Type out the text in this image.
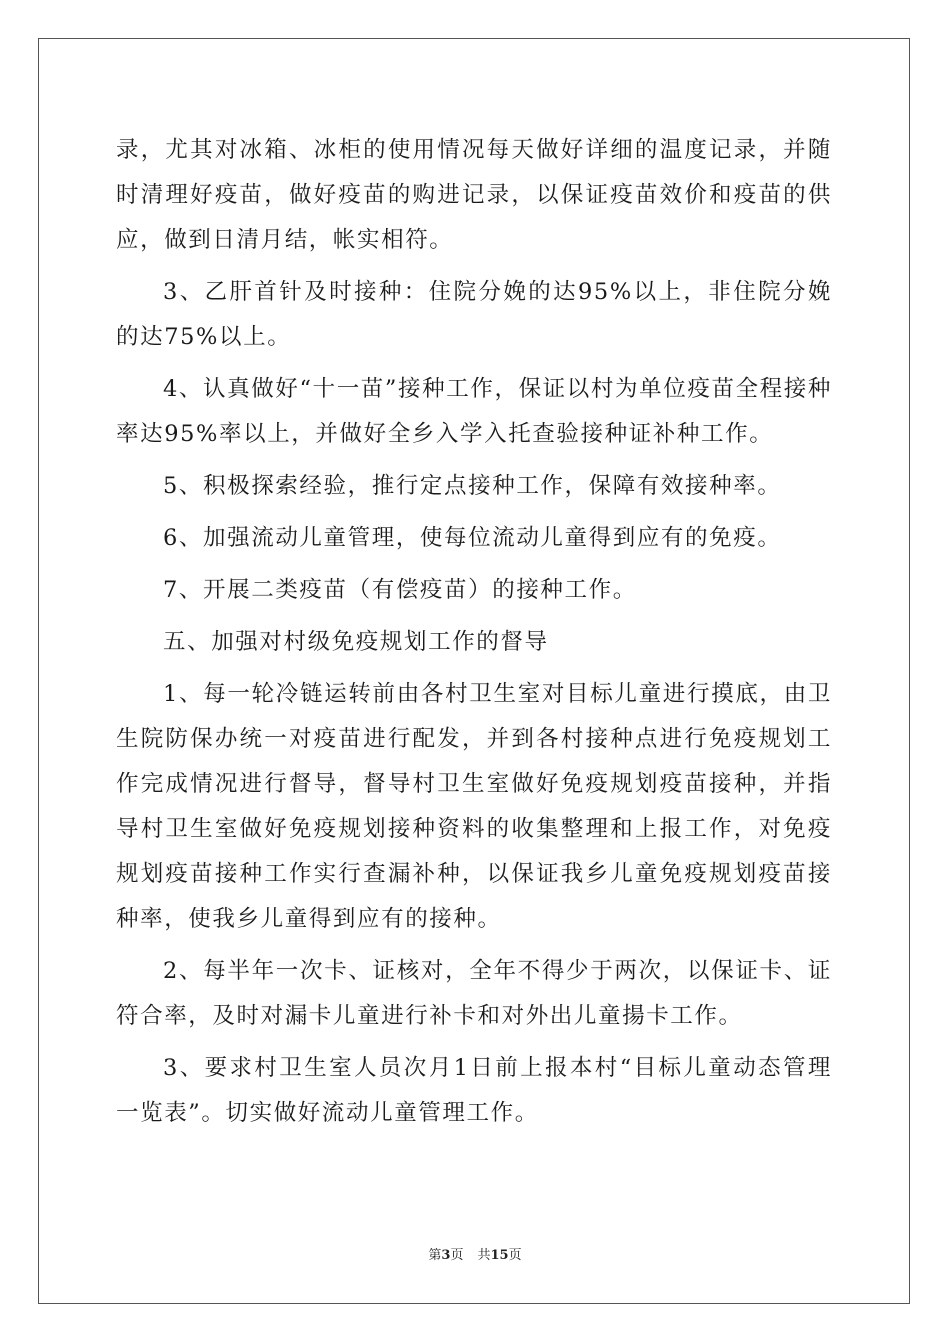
录，尤其对冰箱、冰柜的使用情况每天做好详细的温度记录，并随时清理好疫苗，做好疫苗的购进记录，以保证疫苗效价和疫苗的供应，做到日清月结，帐实相符。

3、乙肝首针及时接种：住院分娩的达95%以上，非住院分娩的达75%以上。

4、认真做好“十一苗”接种工作，保证以村为单位疫苗全程接种率达95%率以上，并做好全乡入学入托查验接种证补种工作。

5、积极探索经验，推行定点接种工作，保障有效接种率。

6、加强流动儿童管理，使每位流动儿童得到应有的免疫。

7、开展二类疫苗（有偿疫苗）的接种工作。

五、加强对村级免疫规划工作的督导

1、每一轮冷链运转前由各村卫生室对目标儿童进行摸底，由卫生院防保办统一对疫苗进行配发，并到各村接种点进行免疫规划工作完成情况进行督导，督导村卫生室做好免疫规划疫苗接种，并指导村卫生室做好免疫规划接种资料的收集整理和上报工作，对免疫规划疫苗接种工作实行查漏补种，以保证我乡儿童免疫规划疫苗接种率，使我乡儿童得到应有的接种。

2、每半年一次卡、证核对，全年不得少于两次，以保证卡、证符合率，及时对漏卡儿童进行补卡和对外出儿童揚卡工作。

3、要求村卫生室人员次月1日前上报本村“目标儿童动态管理一览表”。切实做好流动儿童管理工作。

第3页 共15页
